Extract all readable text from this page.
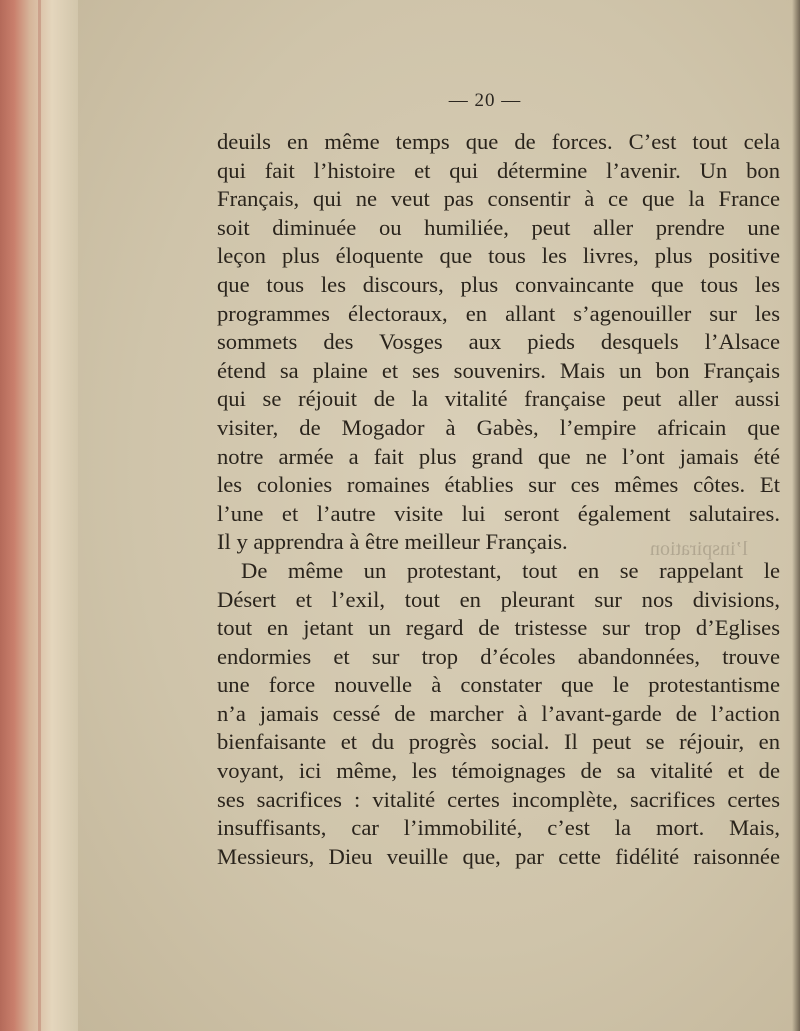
— 20 —
l’inspiration
deuils en même temps que de forces. C’est tout cela
qui fait l’histoire et qui détermine l’avenir. Un bon
Français, qui ne veut pas consentir à ce que la France
soit diminuée ou humiliée, peut aller prendre une
leçon plus éloquente que tous les livres, plus positive
que tous les discours, plus convaincante que tous les
programmes électoraux, en allant s’agenouiller sur les
sommets des Vosges aux pieds desquels l’Alsace
étend sa plaine et ses souvenirs. Mais un bon Français
qui se réjouit de la vitalité française peut aller aussi
visiter, de Mogador à Gabès, l’empire africain que
notre armée a fait plus grand que ne l’ont jamais été
les colonies romaines établies sur ces mêmes côtes. Et
l’une et l’autre visite lui seront également salutaires.
Il y apprendra à être meilleur Français.
De même un protestant, tout en se rappelant le
Désert et l’exil, tout en pleurant sur nos divisions,
tout en jetant un regard de tristesse sur trop d’Eglises
endormies et sur trop d’écoles abandonnées, trouve
une force nouvelle à constater que le protestantisme
n’a jamais cessé de marcher à l’avant-garde de l’action
bienfaisante et du progrès social. Il peut se réjouir, en
voyant, ici même, les témoignages de sa vitalité et de
ses sacrifices : vitalité certes incomplète, sacrifices certes
insuffisants, car l’immobilité, c’est la mort. Mais,
Messieurs, Dieu veuille que, par cette fidélité raisonnée
